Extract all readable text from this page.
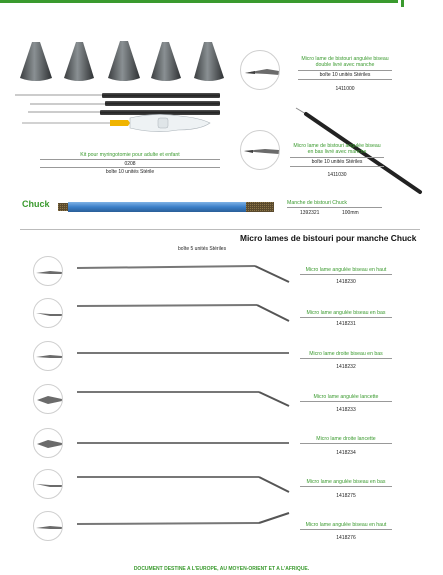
Kit pour myringotomie pour adulte et enfant
0208
boîte 10 unités Stérile
Micro lame de bistouri angulée biseau double livré avec manche
boîte 10 unités Stériles
1411000
Micro lame de bistouri angulée biseau en bas livré avec manche
boîte 10 unités Stériles
1411030
Chuck	Manche de bistouri Chuck
1392321	100mm
Micro lames de bistouri pour manche Chuck
boîte 5 unités Stériles
Micro lame angulée biseau en haut
1418230
Micro lame angulée biseau en bas
1418231
Micro lame droite biseau en bas
1418232
Micro lame angulée lancette
1418233
Micro lame droite lancette
1418234
Micro lame angulée biseau en bas
1418275
Micro lame angulée biseau en haut
1418276
DOCUMENT DESTINE A L'EUROPE, AU MOYEN-ORIENT ET A L'AFRIQUE.
